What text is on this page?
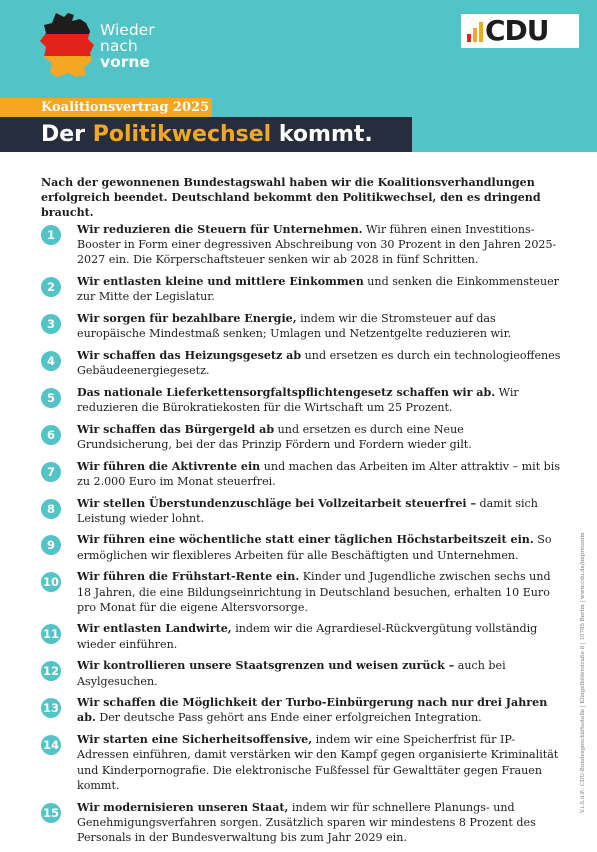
Wieder
nach
vorne
CDU
Koalitionsvertrag 2025
Der Politikwechsel kommt.
Nach der gewonnenen Bundestagswahl haben wir die Koalitionsverhandlungen erfolgreich beendet. Deutschland bekommt den Politikwechsel, den es dringend braucht.
1	Wir reduzieren die Steuern für Unternehmen. Wir führen einen Investitions-Booster in Form einer degressiven Abschreibung von 30 Prozent in den Jahren 2025-2027 ein. Die Körperschaftsteuer senken wir ab 2028 in fünf Schritten.
2	Wir entlasten kleine und mittlere Einkommen und senken die Einkommensteuer zur Mitte der Legislatur.
3	Wir sorgen für bezahlbare Energie, indem wir die Stromsteuer auf das europäische Mindestmaß senken; Umlagen und Netzentgelte reduzieren wir.
4	Wir schaffen das Heizungsgesetz ab und ersetzen es durch ein technologieoffenes Gebäudeenergiegesetz.
5	Das nationale Lieferkettensorgfaltspflichtengesetz schaffen wir ab. Wir reduzieren die Bürokratiekosten für die Wirtschaft um 25 Prozent.
6	Wir schaffen das Bürgergeld ab und ersetzen es durch eine Neue Grundsicherung, bei der das Prinzip Fördern und Fordern wieder gilt.
7	Wir führen die Aktivrente ein und machen das Arbeiten im Alter attraktiv – mit bis zu 2.000 Euro im Monat steuerfrei.
8	Wir stellen Überstundenzuschläge bei Vollzeitarbeit steuerfrei – damit sich Leistung wieder lohnt.
9	Wir führen eine wöchentliche statt einer täglichen Höchstarbeitszeit ein. So ermöglichen wir flexibleres Arbeiten für alle Beschäftigten und Unternehmen.
10 Wir führen die Frühstart-Rente ein. Kinder und Jugendliche zwischen sechs und 18 Jahren, die eine Bildungseinrichtung in Deutschland besuchen, erhalten 10 Euro pro Monat für die eigene Altersvorsorge.
11 Wir entlasten Landwirte, indem wir die Agrardiesel-Rückvergütung vollständig wieder einführen.
12 Wir kontrollieren unsere Staatsgrenzen und weisen zurück – auch bei Asylgesuchen.
13 Wir schaffen die Möglichkeit der Turbo-Einbürgerung nach nur drei Jahren ab. Der deutsche Pass gehört ans Ende einer erfolgreichen Integration.
14 Wir starten eine Sicherheitsoffensive, indem wir eine Speicherfrist für IP-Adressen einführen, damit verstärken wir den Kampf gegen organisierte Kriminalität und Kinderpornografie. Die elektronische Fußfessel für Gewalttäter gegen Frauen kommt.
15 Wir modernisieren unseren Staat, indem wir für schnellere Planungs- und Genehmigungsverfahren sorgen. Zusätzlich sparen wir mindestens 8 Prozent des Personals in der Bundesverwaltung bis zum Jahr 2029 ein.
V.i.S.d.P.: CDU-Bundesgeschäftsstelle | Klingelhöferstraße 8 | 10785 Berlin | www.cdu.de/impressum
